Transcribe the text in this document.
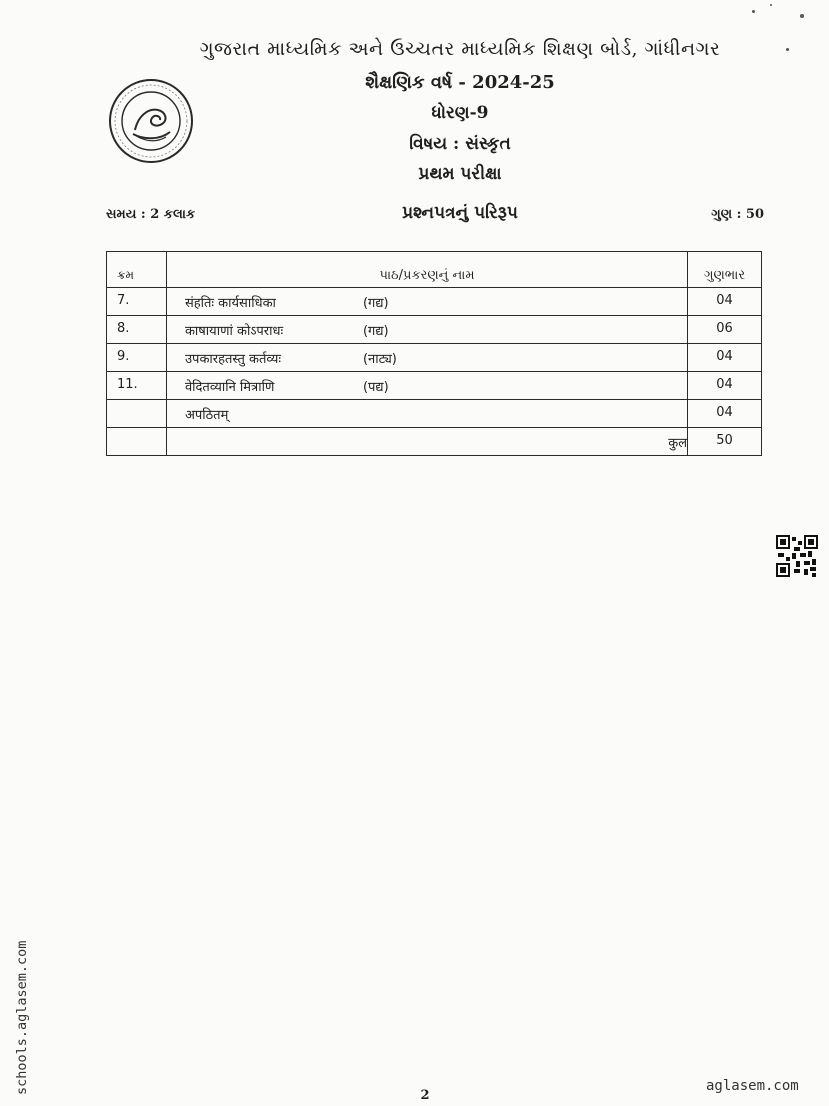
ગુજરાત માધ્યમિક અને ઉચ્ચતર માધ્યમિક શિક્ષણ બોર્ડ, ગાંધીનગર
શૈક્ષણિક વર્ષ - 2024-25
ધોરણ-9
વિષય : સંસ્કૃત
પ્રથમ પરીક્ષા
સમય : 2 કલાક	પ્રશ્નપત્રનું પરિરૂપ	ગુણ : 50
ક્રમ	પાઠ/પ્રકરણનું નામ	ગુણભાર
7.	संहतिः कार्यसाधिका (गद्य)	04
8.	काषायाणां कोऽपराधः (गद्य)	06
9.	उपकारहतस्तु कर्तव्यः (नाट्य)	04
11.	वेदितव्यानि मित्राणि (पद्य)	04

	अपठितम्	04
	कुल	50
schools.aglasem.com
2
aglasem.com
